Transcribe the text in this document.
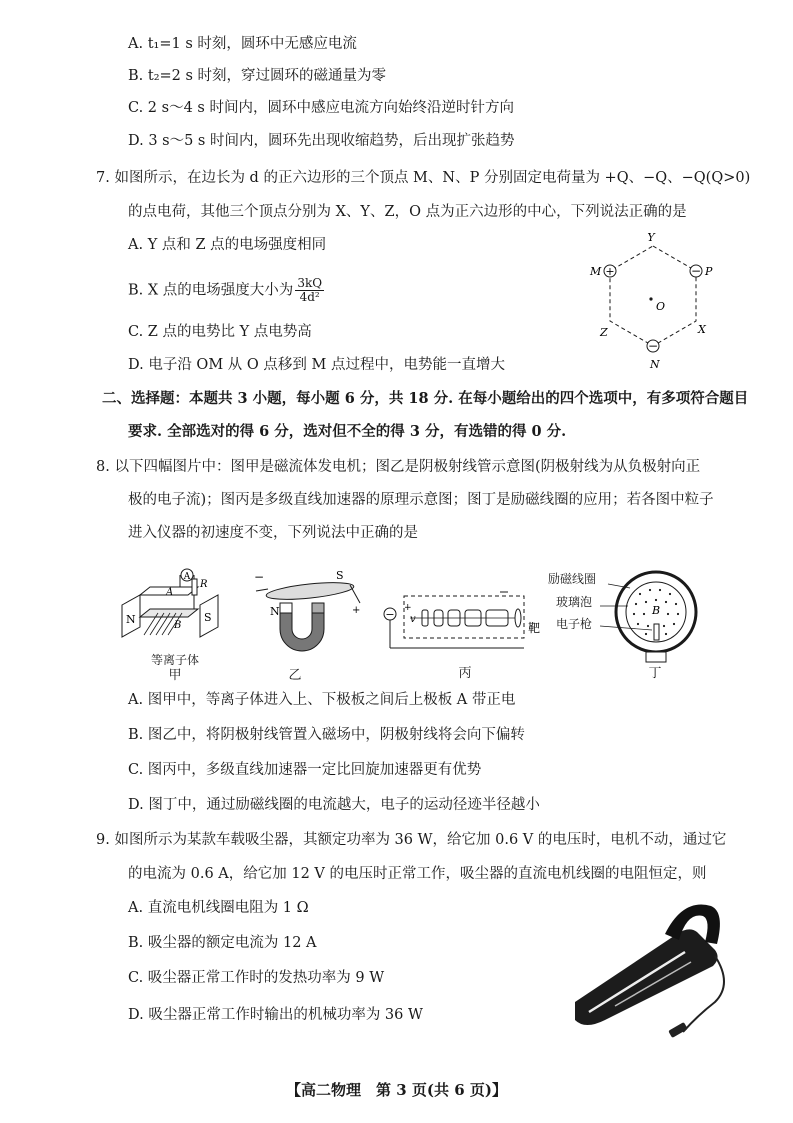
A. t₁=1 s 时刻，圆环中无感应电流
B. t₂=2 s 时刻，穿过圆环的磁通量为零
C. 2 s～4 s 时间内，圆环中感应电流方向始终沿逆时针方向
D. 3 s～5 s 时间内，圆环先出现收缩趋势，后出现扩张趋势
7. 如图所示，在边长为 d 的正六边形的三个顶点 M、N、P 分别固定电荷量为 +Q、−Q、−Q(Q>0)
的点电荷，其他三个顶点分别为 X、Y、Z，O 点为正六边形的中心，下列说法正确的是
A. Y 点和 Z 点的电场强度相同
B. X 点的电场强度大小为 $\frac{3kQ}{\text{4d²}}$
C. Z 点的电势比 Y 点电势高
D. 电子沿 OM 从 O 点移到 M 点过程中，电势能一直增大
+	−
−
Y
M	P
O
Z	X
N
二、选择题：本题共 3 小题，每小题 6 分，共 18 分. 在每小题给出的四个选项中，有多项符合题目
要求. 全部选对的得 6 分，选对但不全的得 3 分，有选错的得 0 分.
8. 以下四幅图片中：图甲是磁流体发电机；图乙是阴极射线管示意图(阴极射线为从负极射向正
极的电子流)；图丙是多级直线加速器的原理示意图；图丁是励磁线圈的应用；若各图中粒子
进入仪器的初速度不变，下列说法中正确的是
A
R
A
B
N	S
等离子体
甲
−
+
N
S
乙
− v
+
靶
丙
B
励磁线圈
玻璃泡
电子枪
丁
A. 图甲中，等离子体进入上、下极板之间后上极板 A 带正电
B. 图乙中，将阴极射线管置入磁场中，阴极射线将会向下偏转
C. 图丙中，多级直线加速器一定比回旋加速器更有优势
D. 图丁中，通过励磁线圈的电流越大，电子的运动径迹半径越小
9. 如图所示为某款车载吸尘器，其额定功率为 36 W，给它加 0.6 V 的电压时，电机不动，通过它
的电流为 0.6 A，给它加 12 V 的电压时正常工作，吸尘器的直流电机线圈的电阻恒定，则
A. 直流电机线圈电阻为 1 Ω
B. 吸尘器的额定电流为 12 A
C. 吸尘器正常工作时的发热功率为 9 W
D. 吸尘器正常工作时输出的机械功率为 36 W
【高二物理　第 3 页(共 6 页)】
